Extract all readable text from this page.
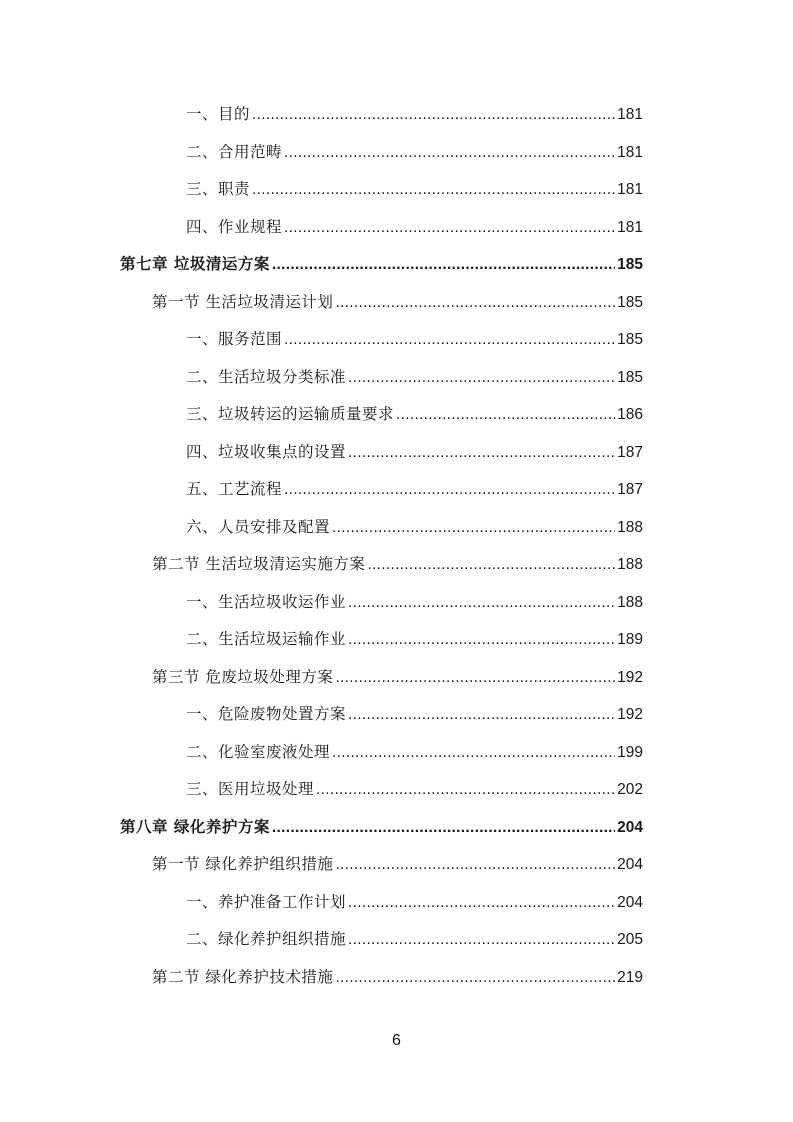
一、目的 .....	181
二、合用范畴 .....	181
三、职责 .....	181
四、作业规程 .....	181
第七章 垃圾清运方案 .....	185
第一节 生活垃圾清运计划 .....	185
一、服务范围 .....	185
二、生活垃圾分类标准 .....	185
三、垃圾转运的运输质量要求 .....	186
四、垃圾收集点的设置 .....	187
五、工艺流程 .....	187
六、人员安排及配置 .....	188
第二节 生活垃圾清运实施方案 .....	188
一、生活垃圾收运作业 .....	188
二、生活垃圾运输作业 .....	189
第三节 危废垃圾处理方案 .....	192
一、危险废物处置方案 .....	192
二、化验室废液处理 .....	199
三、医用垃圾处理 .....	202
第八章 绿化养护方案 .....	204
第一节 绿化养护组织措施 .....	204
一、养护准备工作计划 .....	204
二、绿化养护组织措施 .....	205
第二节 绿化养护技术措施 .....	219
6
